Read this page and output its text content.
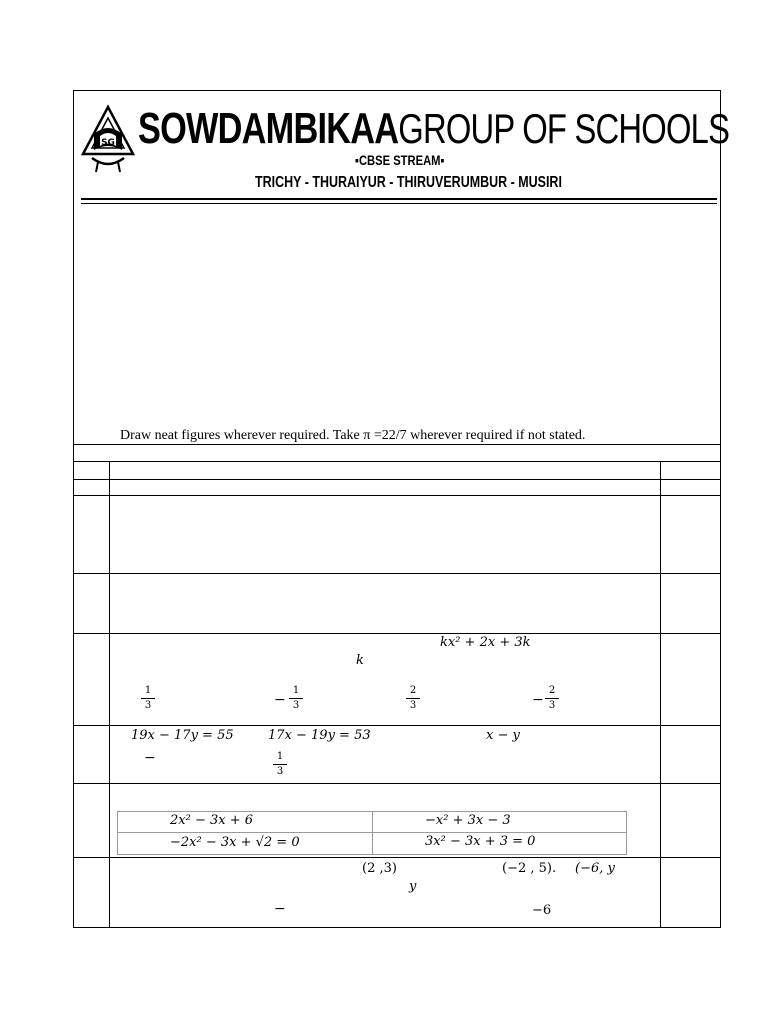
SG SOWDAMBIKAAGROUP OF SCHOOLS
▪CBSE STREAM▪
TRICHY - THURAIYUR - THIRUVERUMBUR - MUSIRI
Draw neat figures wherever required. Take π =22/7 wherever required if not stated.
kx² + 2x + 3k
k
$\frac{1}{3}$	− $\frac{1}{3}$	$\frac{2}{3}$	− $\frac{2}{3}$
19x − 17y = 55	17x − 19y = 53	x − y
−	$\frac{1}{3}$
2x² − 3x + 6	−x² + 3x − 3
−2x² − 3x + √2 = 0	3x² − 3x + 3 = 0
(2 ,3)	(−2 , 5). (−6, y
y
−	−6
